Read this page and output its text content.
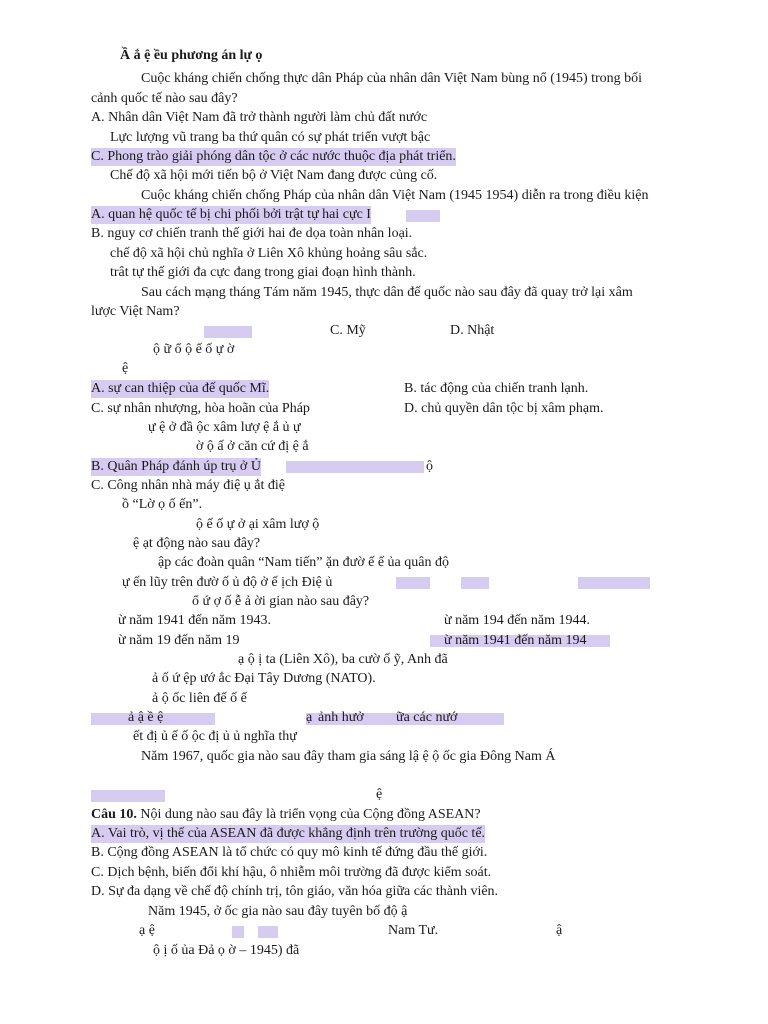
Ầ ắ ệ ều phương án lự ọ
Cuộc kháng chiến chống thực dân Pháp của nhân dân Việt Nam bùng nổ (1945) trong bối
cảnh quốc tế nào sau đây?
A. Nhân dân Việt Nam đã trở thành người làm chủ đất nước
Lực lượng vũ trang ba thứ quân có sự phát triển vượt bậc
C. Phong trào giải phóng dân tộc ở các nước thuộc địa phát triển.
Chế độ xã hội mới tiến bộ ở Việt Nam đang được củng cố.
Cuộc kháng chiến chống Pháp của nhân dân Việt Nam (1945 1954) diễn ra trong điều kiện
A. quan hệ quốc tế bị chi phối bởi trật tự hai cực I
B. nguy cơ chiến tranh thế giới hai đe dọa toàn nhân loại.
chế độ xã hội chủ nghĩa ở Liên Xô khủng hoảng sâu sắc.
trât tự thế giới đa cực đang trong giai đoạn hình thành.
Sau cách mạng tháng Tám năm 1945, thực dân đế quốc nào sau đây đã quay trở lại xâm
lược Việt Nam?
C. Mỹ	D. Nhật
ộ ữ ổ ộ ế ố ự ờ
ệ
A. sự can thiệp của đế quốc Mĩ.	B. tác động của chiến tranh lạnh.
C. sự nhân nhượng, hòa hoãn của Pháp	D. chủ quyền dân tộc bị xâm phạm.
ự ệ ở đầ ộc xâm lượ ệ ắ ủ ự
ờ ộ ấ ở căn cứ đị ệ ắ
B. Quân Pháp đánh úp trụ ở Ủ	ộ
C. Công nhân nhà máy điệ ụ ắt điệ
ồ “Lờ ọ ố ến”.
ộ ế ố ự ở ại xâm lượ ộ
ệ ạt động nào sau đây?
ập các đoàn quân “Nam tiến” ặn đườ ế ế ủa quân độ
ự ến lũy trên đườ ố ủ độ ở ế ịch Điệ ủ
ổ ứ ợ ố ễ ả ời gian nào sau đây?
ừ năm 1941 đến năm 1943.	ừ năm 194 đến năm 1944.
ừ năm 19 đến năm 19	ừ năm 1941 đến năm 194
ạ ộ ị ta (Liên Xô), ba cườ ố ỹ, Anh đã
ả ố ứ ệp ướ ắc Đại Tây Dương (NATO).
ả ộ ốc liên đế ố ế
ả ậ ề ệ	ạ ảnh hưở ữa các nướ
ết đị ủ ế ố ộc đị ủ ủ nghĩa thự
Năm 1967, quốc gia nào sau đây tham gia sáng lậ ệ ộ ốc gia Đông Nam Á
ệ
Câu 10. Nội dung nào sau đây là triển vọng của Cộng đồng ASEAN?
A. Vai trò, vị thế của ASEAN đã được khẳng định trên trường quốc tế.
B. Cộng đồng ASEAN là tổ chức có quy mô kinh tế đứng đầu thế giới.
C. Dịch bệnh, biến đổi khí hậu, ô nhiễm môi trường đã được kiểm soát.
D. Sự đa dạng về chế độ chính trị, tôn giáo, văn hóa giữa các thành viên.
Năm 1945, ở ốc gia nào sau đây tuyên bố độ ậ
ạ ệ	Nam Tư.	ậ
ộ ị ố ủa Đả ọ ờ – 1945) đã
